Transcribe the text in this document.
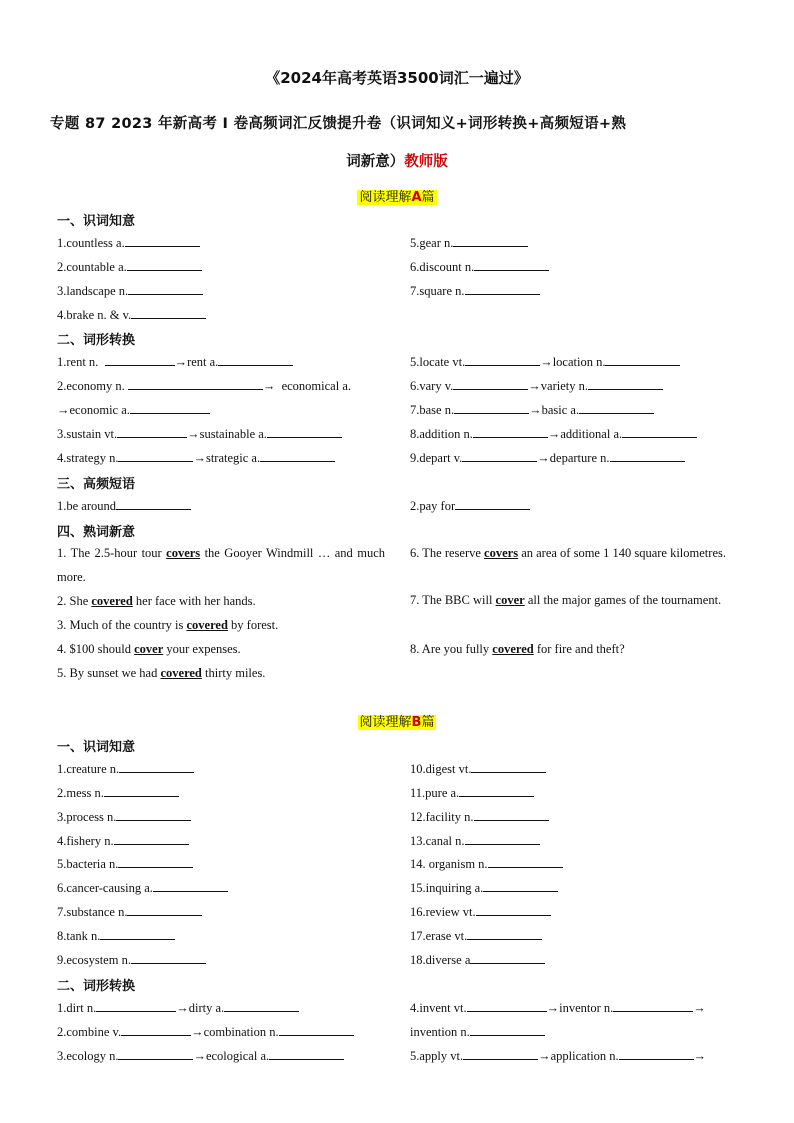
《2024年高考英语3500词汇一遍过》
专题 87 2023 年新高考 I 卷高频词汇反馈提升卷（识词知义+词形转换+高频短语+熟
词新意）教师版
阅读理解A篇
一、识词知意
1.countless a.
2.countable a.
3.landscape n.
4.brake n. & v.
5.gear n.
6.discount n.
7.square n.
二、词形转换
1.rent n.	→rent a.
2.economy n.	→  economical a.
→economic a.
3.sustain vt.	→sustainable a.
4.strategy n.	→strategic a.
5.locate vt.	→location n.
6.vary v.	→variety n.
7.base n.	→basic a.
8.addition n.	→additional a.
9.depart v.	→departure n.
三、高频短语
1.be around	2.pay for
四、熟词新意
1. The 2.5-hour tour covers the Gooyer Windmill … and much more.
2. She covered her face with her hands.
3. Much of the country is covered by forest.
4. $100 should cover your expenses.
5. By sunset we had covered thirty miles.
6. The reserve covers an area of some 1 140 square kilometres.
7. The BBC will cover all the major games of the tournament.
8. Are you fully covered for fire and theft?
阅读理解B篇
一、识词知意
1.creature n.
2.mess n.
3.process n.
4.fishery n.
5.bacteria n.
6.cancer-causing a.
7.substance n.
8.tank n.
9.ecosystem n.
10.digest vt.
11.pure a.
12.facility n.
13.canal n.
14. organism n.
15.inquiring a.
16.review vt.
17.erase vt.
18.diverse a
二、词形转换
1.dirt n.	→dirty a.
2.combine v.	→combination n.
3.ecology n.	→ecological a.
4.invent vt.	→inventor n.	→
invention n.
5.apply vt.	→application n.	→
